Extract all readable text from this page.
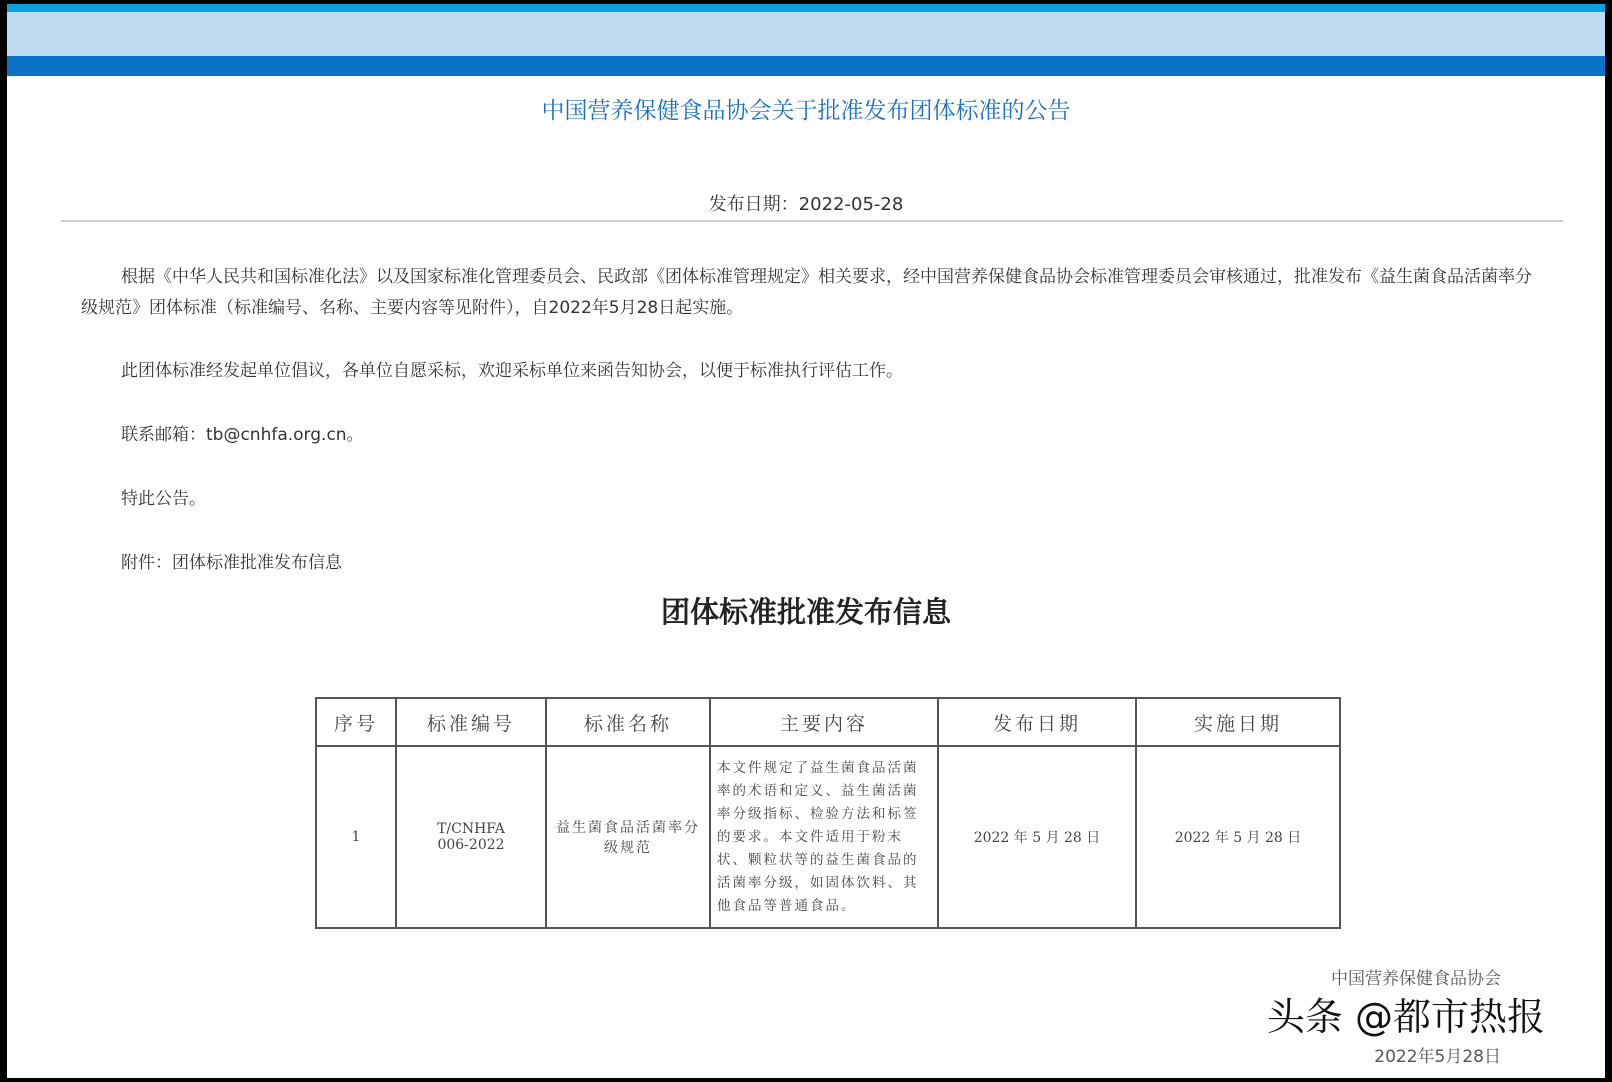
中国营养保健食品协会关于批准发布团体标准的公告
发布日期：2022-05-28
根据《中华人民共和国标准化法》以及国家标准化管理委员会、民政部《团体标准管理规定》相关要求，经中国营养保健食品协会标准管理委员会审核通过，批准发布《益生菌食品活菌率分级规范》团体标准（标准编号、名称、主要内容等见附件），自2022年5月28日起实施。
此团体标准经发起单位倡议，各单位自愿采标，欢迎采标单位来函告知协会，以便于标准执行评估工作。
联系邮箱：tb@cnhfa.org.cn。
特此公告。
附件：团体标准批准发布信息
团体标准批准发布信息
序号	标准编号	标准名称	主要内容	发布日期	实施日期
1	T/CNHFA 006-2022	益生菌食品活菌率分级规范	本文件规定了益生菌食品活菌率的术语和定义、益生菌活菌率分级指标、检验方法和标签的要求。本文件适用于粉末状、颗粒状等的益生菌食品的活菌率分级，如固体饮料、其他食品等普通食品。	2022 年 5 月 28 日	2022 年 5 月 28 日
中国营养保健食品协会
头条 @都市热报
2022年5月28日
